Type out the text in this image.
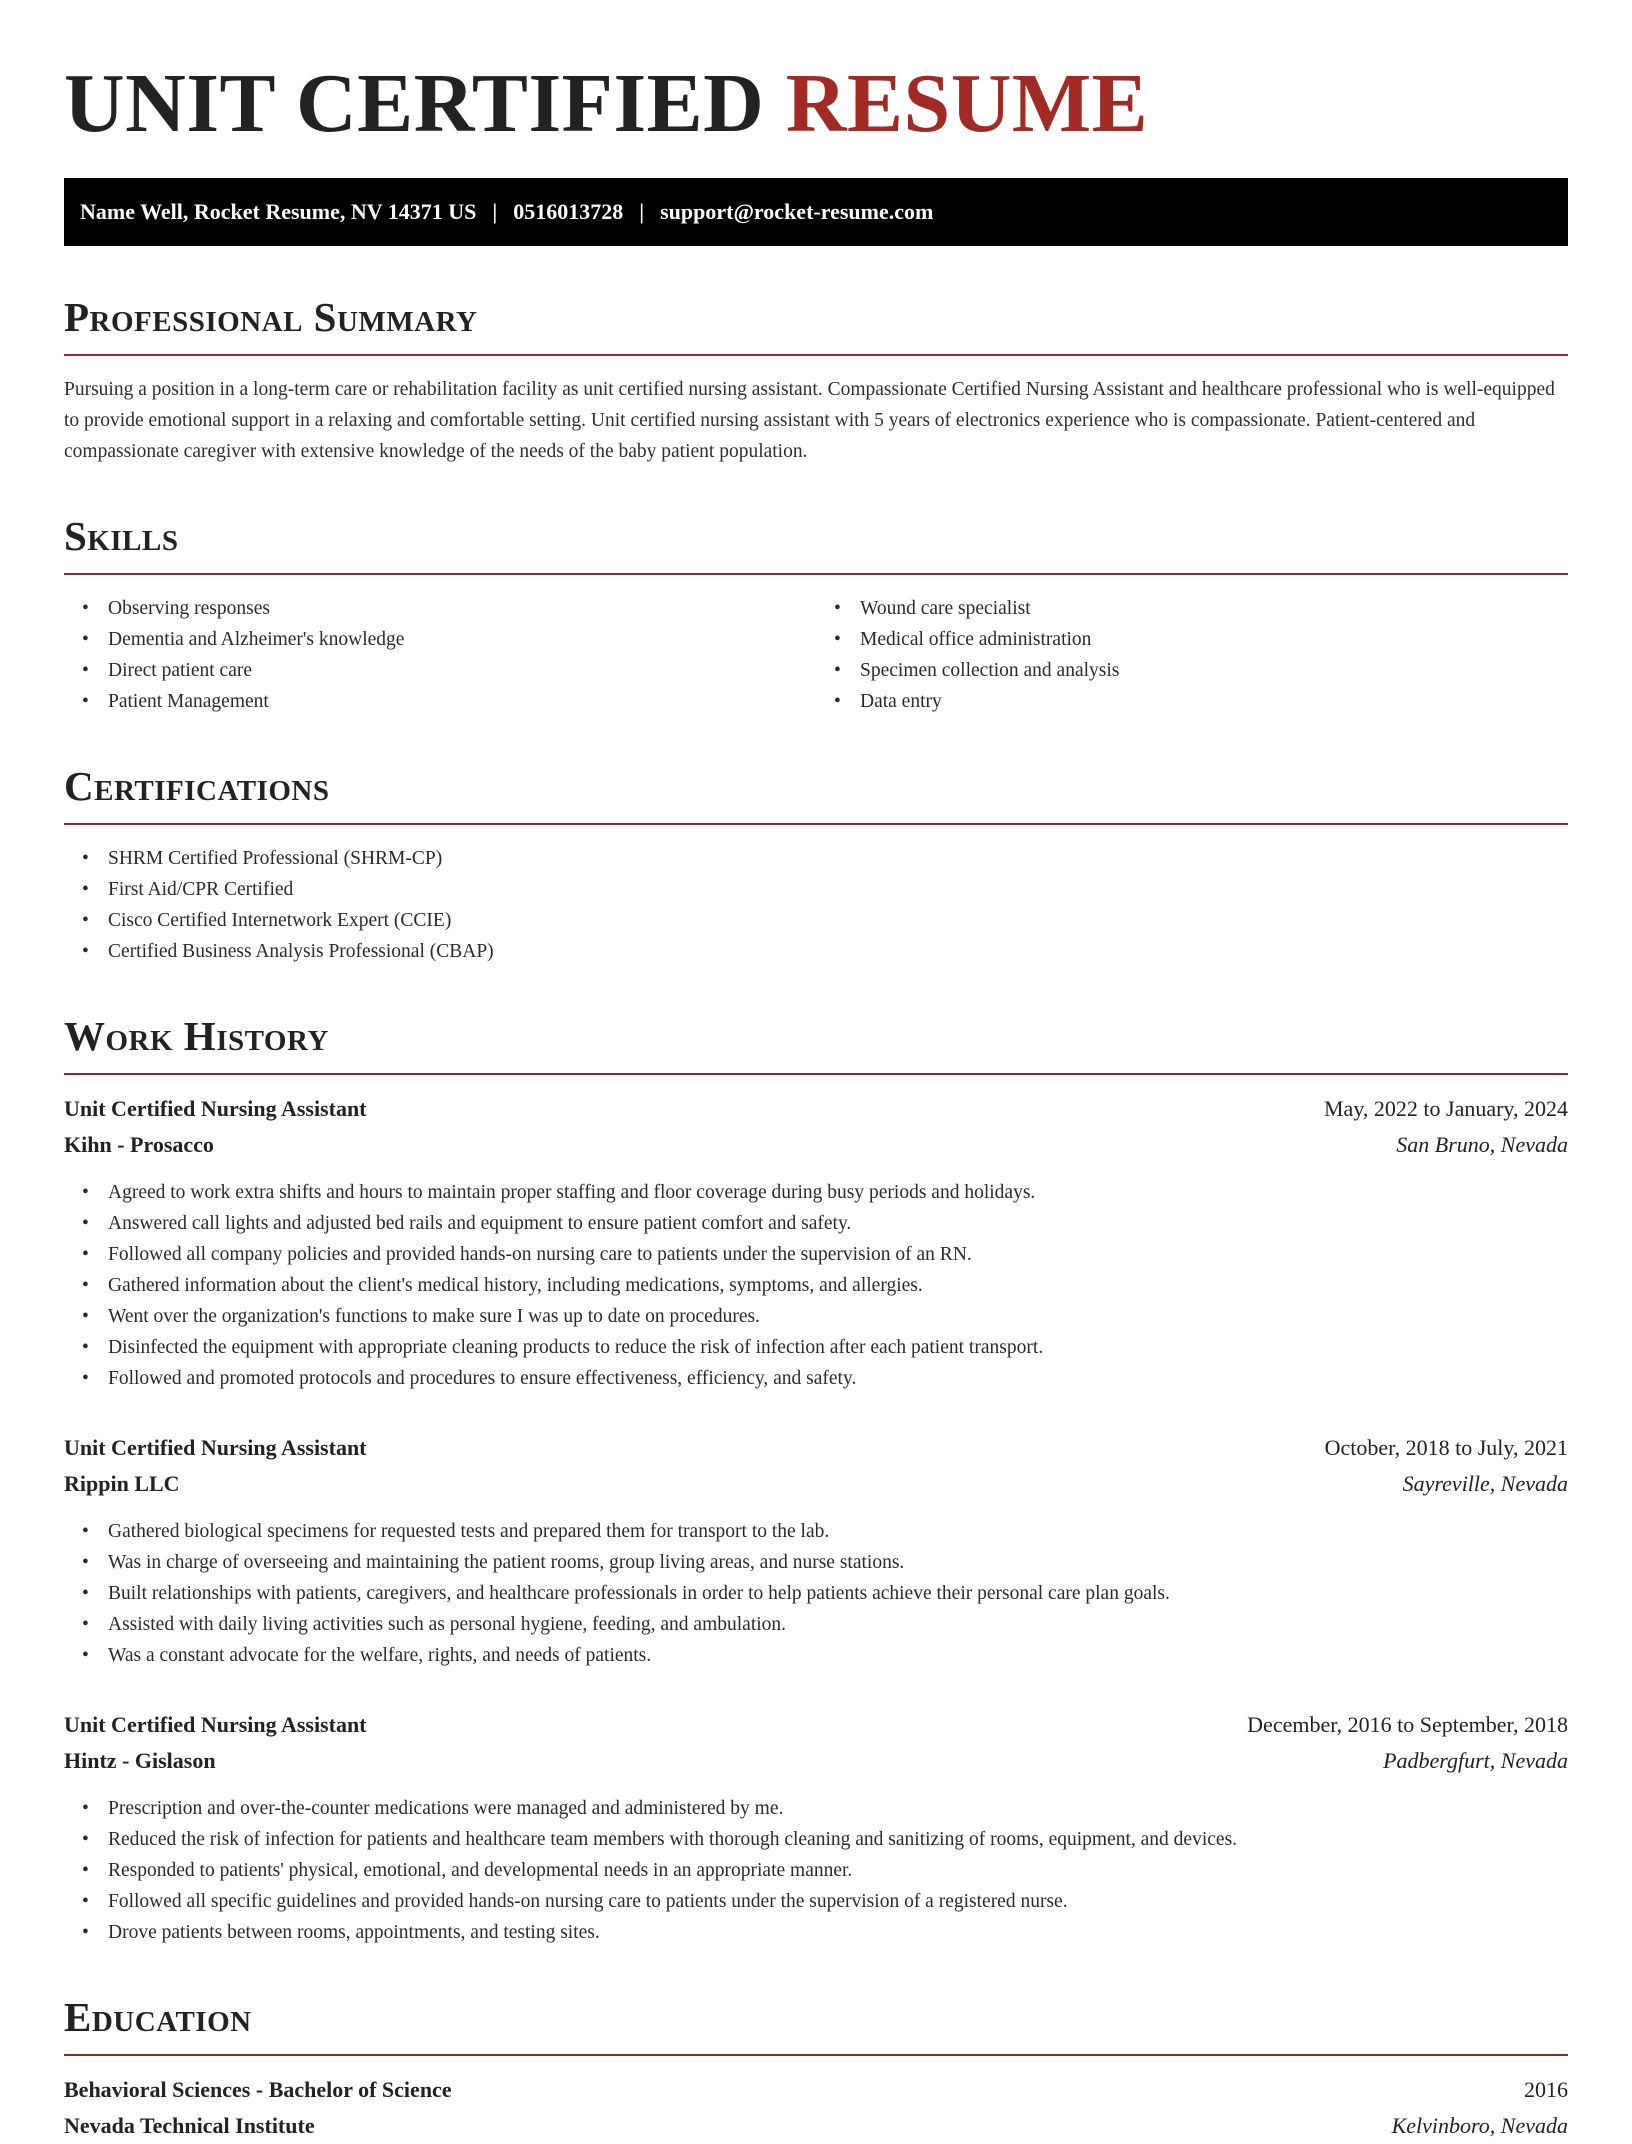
UNIT CERTIFIED RESUME
Name Well, Rocket Resume, NV 14371 US | 0516013728 | support@rocket-resume.com
Professional Summary

Pursuing a position in a long-term care or rehabilitation facility as unit certified nursing assistant. Compassionate Certified Nursing Assistant and healthcare professional who is well-equipped to provide emotional support in a relaxing and comfortable setting. Unit certified nursing assistant with 5 years of electronics experience who is compassionate. Patient-centered and compassionate caregiver with extensive knowledge of the needs of the baby patient population.

Skills
• Observing responses
• Dementia and Alzheimer's knowledge
• Direct patient care
• Patient Management
• Wound care specialist
• Medical office administration
• Specimen collection and analysis
• Data entry
Certifications
• SHRM Certified Professional (SHRM-CP)
• First Aid/CPR Certified
• Cisco Certified Internetwork Expert (CCIE)
• Certified Business Analysis Professional (CBAP)
Work History
Unit Certified Nursing Assistant	May, 2022 to January, 2024
Kihn - Prosacco	San Bruno, Nevada
• Agreed to work extra shifts and hours to maintain proper staffing and floor coverage during busy periods and holidays.
• Answered call lights and adjusted bed rails and equipment to ensure patient comfort and safety.
• Followed all company policies and provided hands-on nursing care to patients under the supervision of an RN.
• Gathered information about the client's medical history, including medications, symptoms, and allergies.
• Went over the organization's functions to make sure I was up to date on procedures.
• Disinfected the equipment with appropriate cleaning products to reduce the risk of infection after each patient transport.
• Followed and promoted protocols and procedures to ensure effectiveness, efficiency, and safety.
Unit Certified Nursing Assistant	October, 2018 to July, 2021
Rippin LLC	Sayreville, Nevada
• Gathered biological specimens for requested tests and prepared them for transport to the lab.
• Was in charge of overseeing and maintaining the patient rooms, group living areas, and nurse stations.
• Built relationships with patients, caregivers, and healthcare professionals in order to help patients achieve their personal care plan goals.
• Assisted with daily living activities such as personal hygiene, feeding, and ambulation.
• Was a constant advocate for the welfare, rights, and needs of patients.
Unit Certified Nursing Assistant	December, 2016 to September, 2018
Hintz - Gislason	Padbergfurt, Nevada
• Prescription and over-the-counter medications were managed and administered by me.
• Reduced the risk of infection for patients and healthcare team members with thorough cleaning and sanitizing of rooms, equipment, and devices.
• Responded to patients' physical, emotional, and developmental needs in an appropriate manner.
• Followed all specific guidelines and provided hands-on nursing care to patients under the supervision of a registered nurse.
• Drove patients between rooms, appointments, and testing sites.
Education
Behavioral Sciences - Bachelor of Science	2016
Nevada Technical Institute	Kelvinboro, Nevada
